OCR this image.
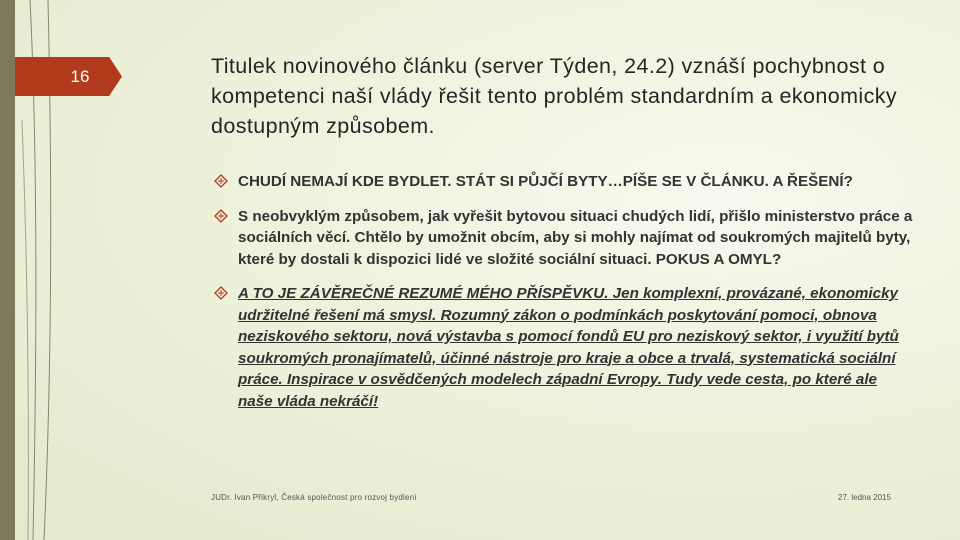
16	Titulek novinového článku (server Týden, 24.2) vznáší pochybnost o kompetenci naší vlády řešit tento problém standardním a ekonomicky dostupným způsobem.
CHUDÍ NEMAJÍ KDE BYDLET. STÁT SI PŮJČÍ BYTY…PÍŠE SE V ČLÁNKU. A ŘEŠENÍ?
S neobvyklým způsobem, jak vyřešit bytovou situaci chudých lidí, přišlo ministerstvo práce a sociálních věcí. Chtělo by umožnit obcím, aby si mohly najímat od soukromých majitelů byty, které by dostali k dispozici lidé ve složité sociální situaci. POKUS A OMYL?
A TO JE ZÁVĚREČNÉ REZUMÉ MÉHO PŘÍSPĚVKU. Jen komplexní, provázané, ekonomicky udržitelné řešení má smysl. Rozumný zákon o podmínkách poskytování pomoci, obnova neziskového sektoru, nová výstavba s pomocí fondů EU pro neziskový sektor, i využití bytů soukromých pronajímatelů, účinné nástroje pro kraje a obce a trvalá, systematická sociální práce. Inspirace v osvědčených modelech západní Evropy. Tudy vede cesta, po které ale naše vláda nekráčí!
JUDr. Ivan Přikryl, Česká společnost pro rozvoj bydlení	27. ledna 2015
